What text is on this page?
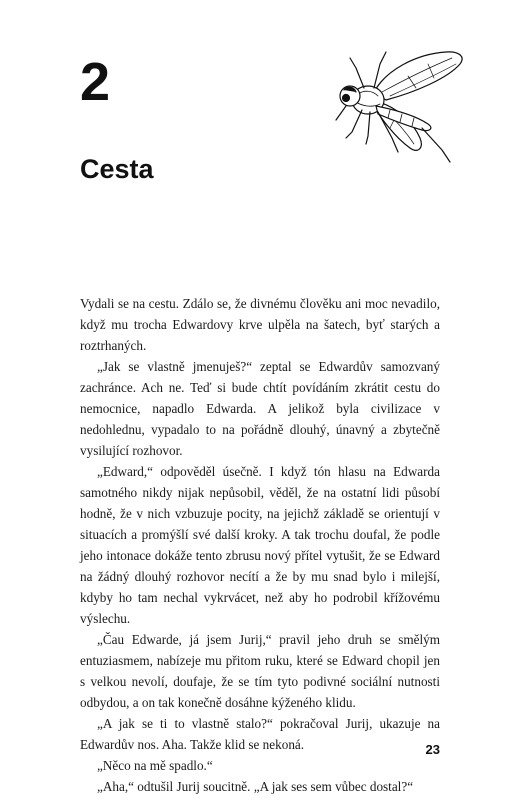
2
Cesta

Vydali se na cestu. Zdálo se, že divnému člověku ani moc nevadilo, když mu trocha Edwardovy krve ulpěla na šatech, byť starých a roztrhaných.

„Jak se vlastně jmenuješ?“ zeptal se Edwardův samozvaný zachránce. Ach ne. Teď si bude chtít povídáním zkrátit cestu do nemocnice, napadlo Edwarda. A jelikož byla civilizace v nedohlednu, vypadalo to na pořádně dlouhý, únavný a zbytečně vysilující rozhovor.

„Edward,“ odpověděl úsečně. I když tón hlasu na Edwarda samotného nikdy nijak nepůsobil, věděl, že na ostatní lidi působí hodně, že v nich vzbuzuje pocity, na jejichž základě se orientují v situacích a promýšlí své další kroky. A tak trochu doufal, že podle jeho intonace dokáže tento zbrusu nový přítel vytušit, že se Edward na žádný dlouhý rozhovor necítí a že by mu snad bylo i milejší, kdyby ho tam nechal vykrvácet, než aby ho podrobil křížovému výslechu.

„Čau Edwarde, já jsem Jurij,“ pravil jeho druh se smělým entuziasmem, nabízeje mu přitom ruku, které se Edward chopil jen s velkou nevolí, doufaje, že se tím tyto podivné sociální nutnosti odbydou, a on tak konečně dosáhne kýženého klidu.

„A jak se ti to vlastně stalo?“ pokračoval Jurij, ukazuje na Edwardův nos. Aha. Takže klid se nekoná.

„Něco na mě spadlo.“

„Aha,“ odtušil Jurij soucitně. „A jak ses sem vůbec dostal?“

23
